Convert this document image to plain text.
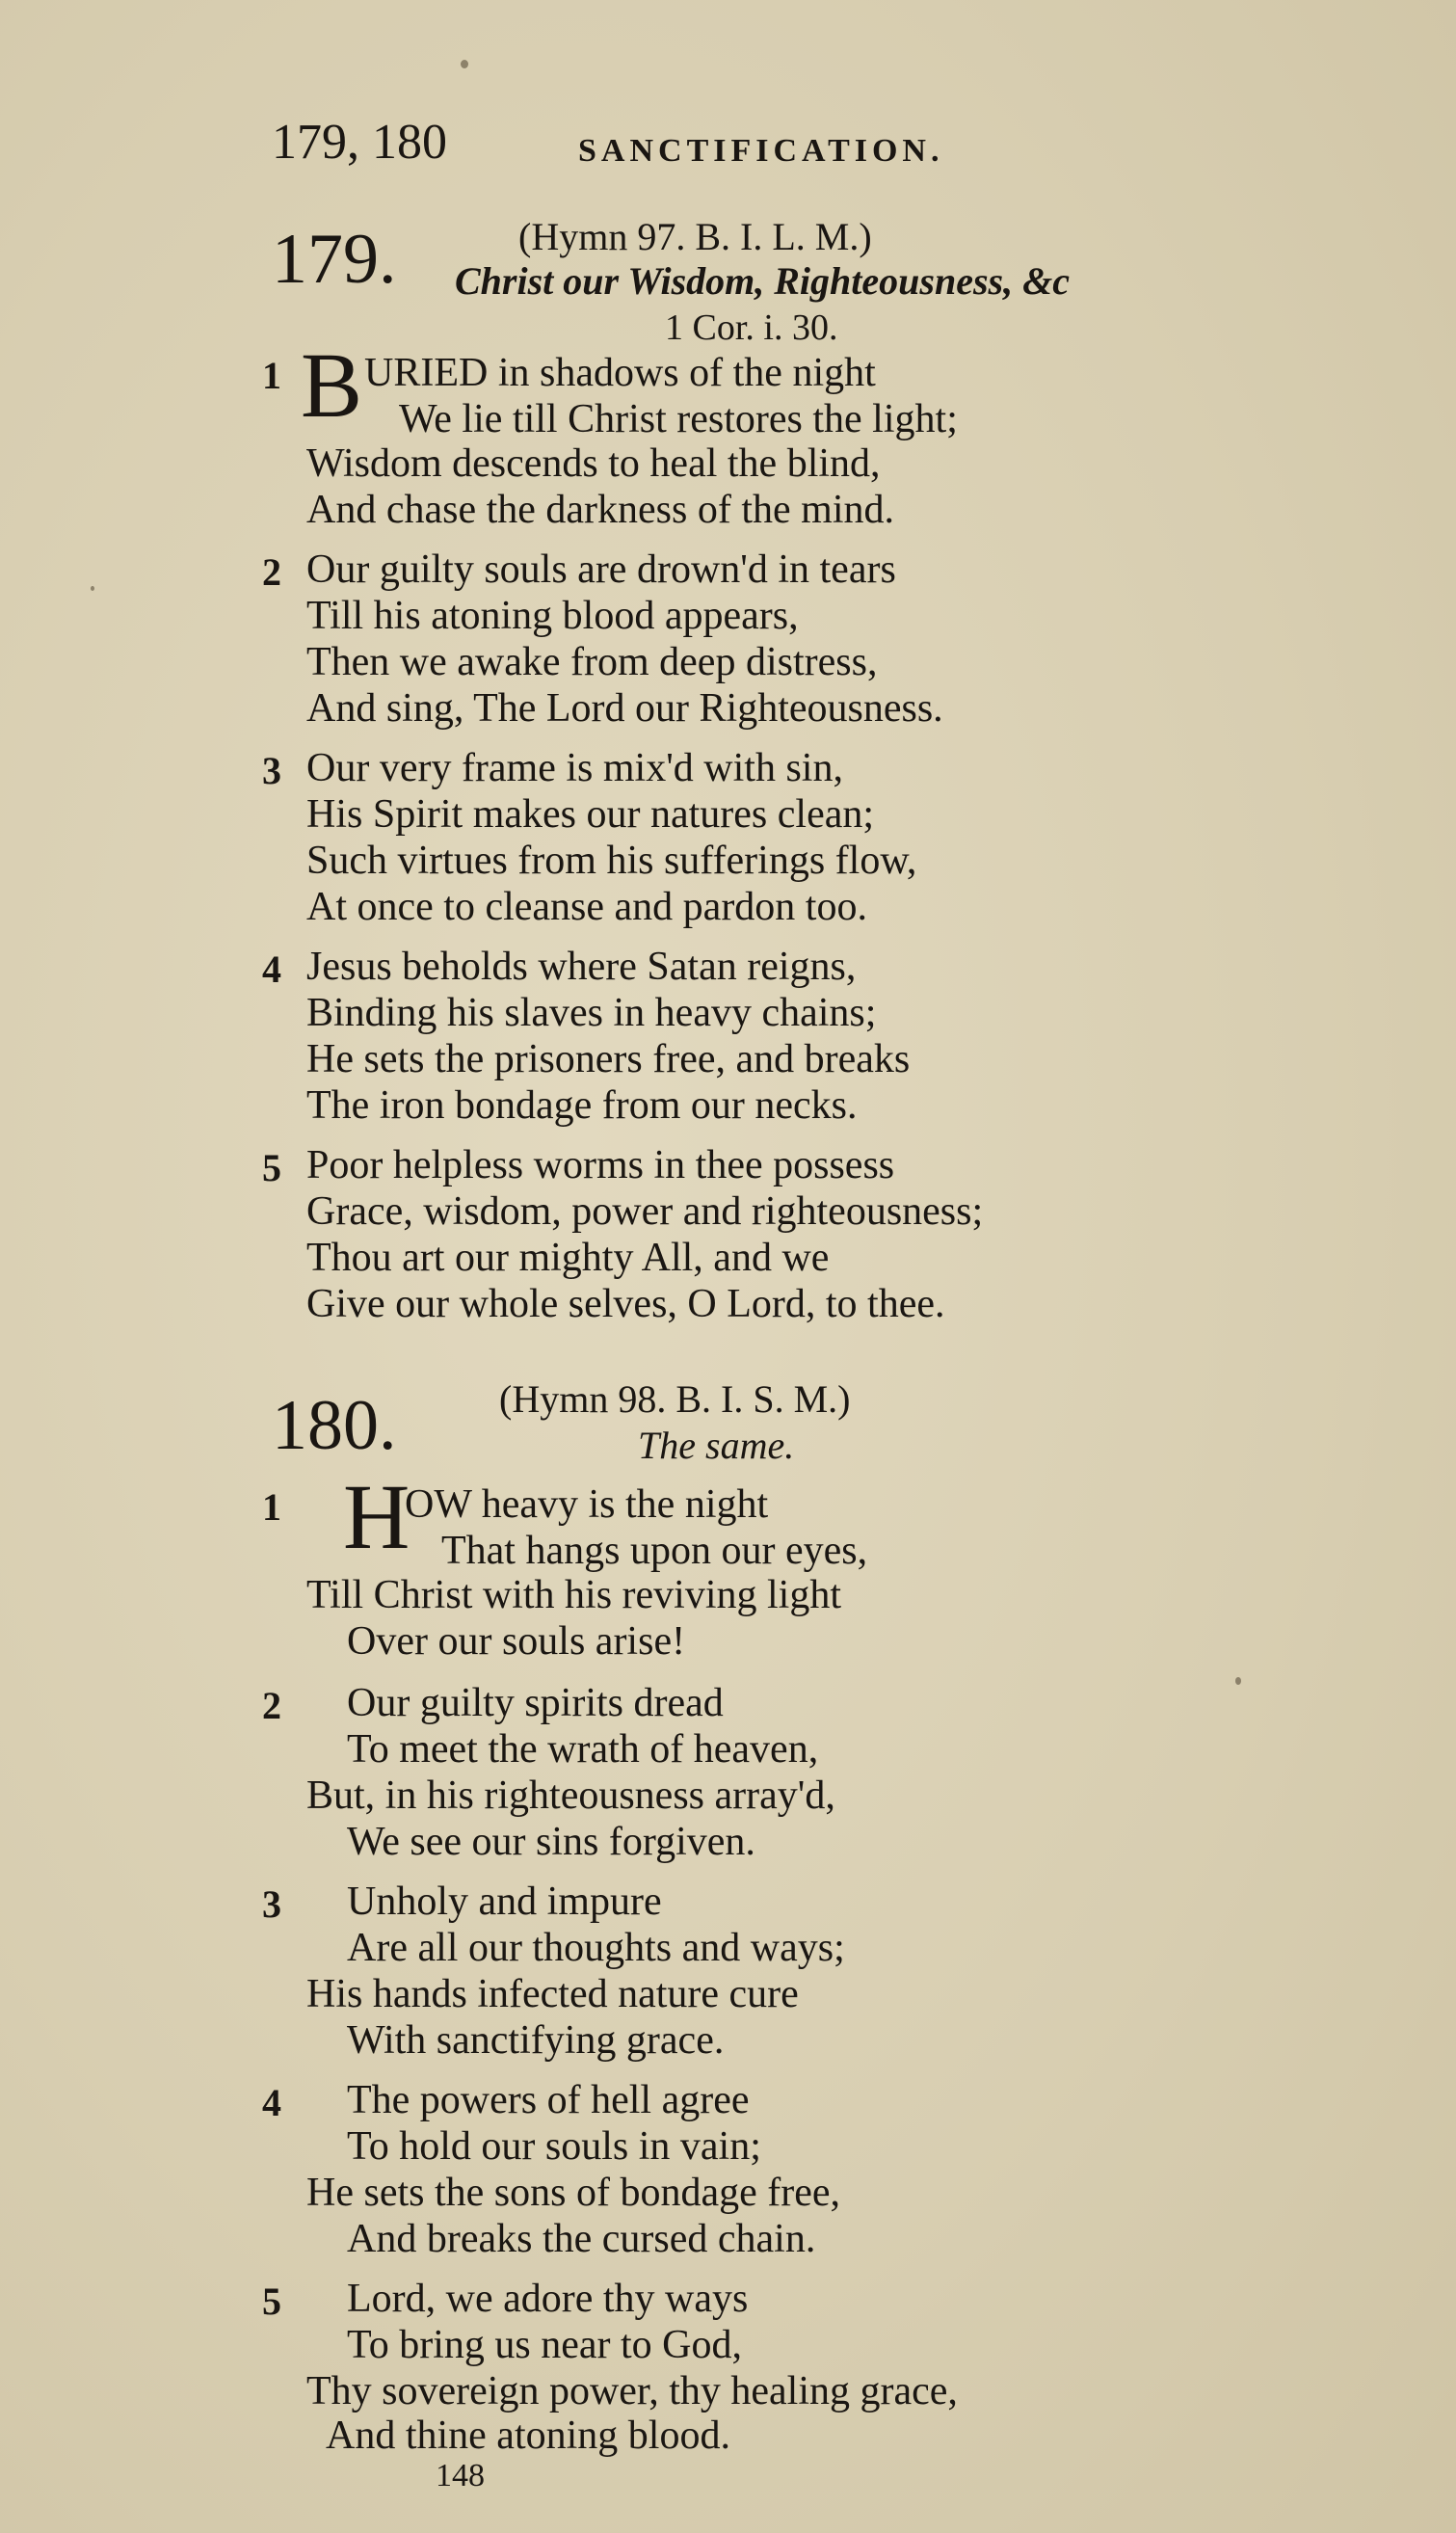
179, 180	SANCTIFICATION.
179.	(Hymn 97. B. I. L. M.)
Christ our Wisdom, Righteousness, &c
1 Cor. i. 30.
B
1 URIED in shadows of the night
We lie till Christ restores the light;
Wisdom descends to heal the blind,
And chase the darkness of the mind.
2 Our guilty souls are drown'd in tears
Till his atoning blood appears,
Then we awake from deep distress,
And sing, The Lord our Righteousness.
3 Our very frame is mix'd with sin,
His Spirit makes our natures clean;
Such virtues from his sufferings flow,
At once to cleanse and pardon too.
4 Jesus beholds where Satan reigns,
Binding his slaves in heavy chains;
He sets the prisoners free, and breaks
The iron bondage from our necks.
5 Poor helpless worms in thee possess
Grace, wisdom, power and righteousness;
Thou art our mighty All, and we
Give our whole selves, O Lord, to thee.
180.	(Hymn 98. B. I. S. M.)
The same.
H
1	OW heavy is the night
That hangs upon our eyes,
Till Christ with his reviving light
Over our souls arise!
2 Our guilty spirits dread
To meet the wrath of heaven,
But, in his righteousness array'd,
We see our sins forgiven.
3 Unholy and impure
Are all our thoughts and ways;
His hands infected nature cure
With sanctifying grace.
4 The powers of hell agree
To hold our souls in vain;
He sets the sons of bondage free,
And breaks the cursed chain.
5 Lord, we adore thy ways
To bring us near to God,
Thy sovereign power, thy healing grace,
And thine atoning blood.
148
